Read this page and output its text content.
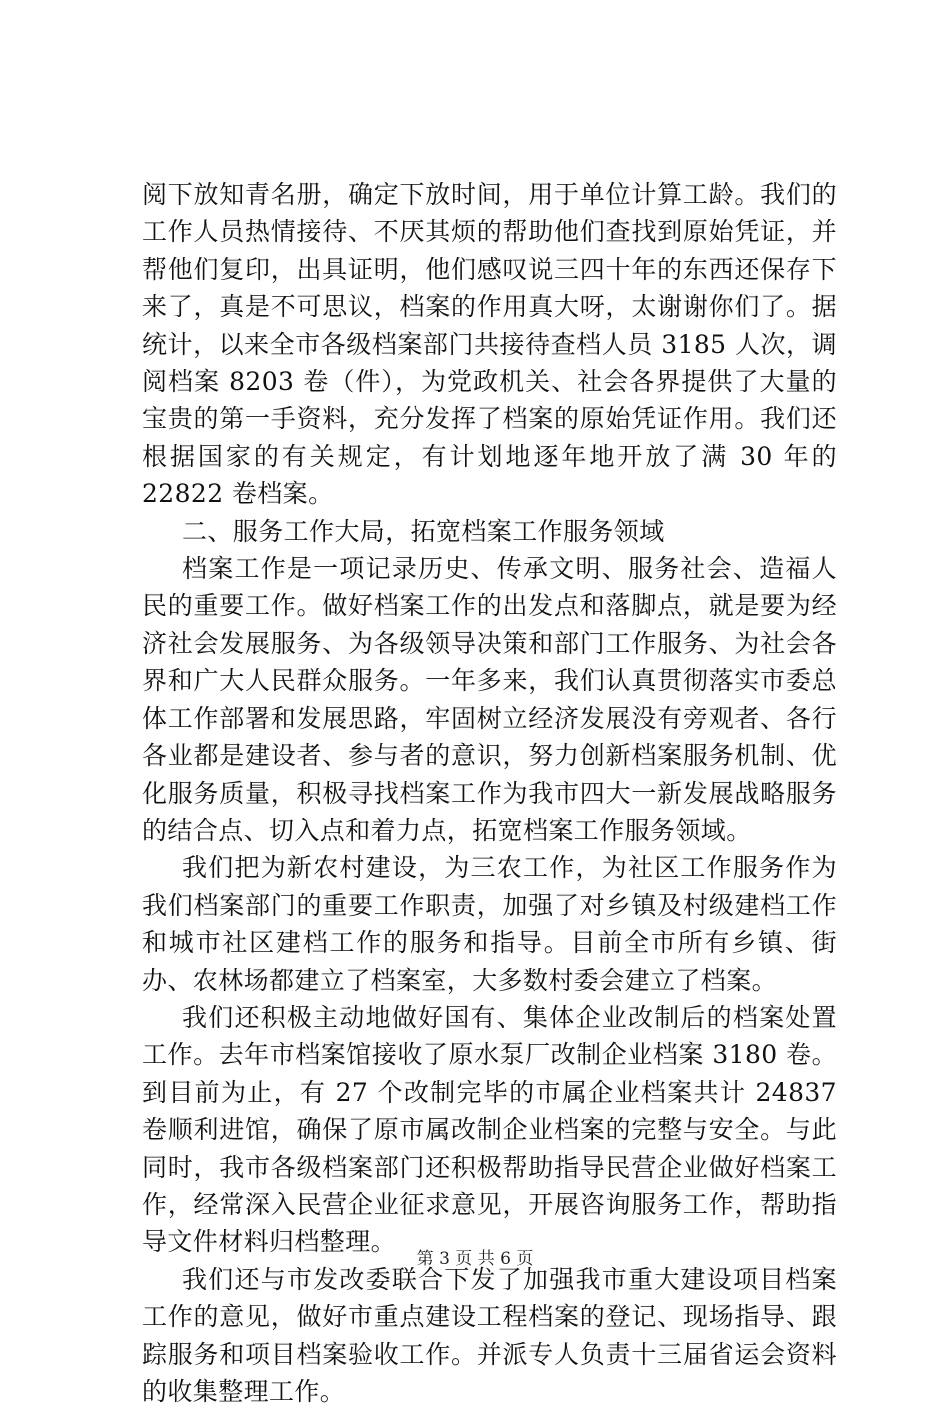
阅下放知青名册，确定下放时间，用于单位计算工龄。我们的工作人员热情接待、不厌其烦的帮助他们查找到原始凭证，并帮他们复印，出具证明，他们感叹说三四十年的东西还保存下来了，真是不可思议，档案的作用真大呀，太谢谢你们了。据统计，以来全市各级档案部门共接待查档人员 3185 人次，调阅档案 8203 卷（件），为党政机关、社会各界提供了大量的宝贵的第一手资料，充分发挥了档案的原始凭证作用。我们还根据国家的有关规定，有计划地逐年地开放了满 30 年的 22822 卷档案。

二、服务工作大局，拓宽档案工作服务领域

档案工作是一项记录历史、传承文明、服务社会、造福人民的重要工作。做好档案工作的出发点和落脚点，就是要为经济社会发展服务、为各级领导决策和部门工作服务、为社会各界和广大人民群众服务。一年多来，我们认真贯彻落实市委总体工作部署和发展思路，牢固树立经济发展没有旁观者、各行各业都是建设者、参与者的意识，努力创新档案服务机制、优化服务质量，积极寻找档案工作为我市四大一新发展战略服务的结合点、切入点和着力点，拓宽档案工作服务领域。

我们把为新农村建设，为三农工作，为社区工作服务作为我们档案部门的重要工作职责，加强了对乡镇及村级建档工作和城市社区建档工作的服务和指导。目前全市所有乡镇、街办、农林场都建立了档案室，大多数村委会建立了档案。

我们还积极主动地做好国有、集体企业改制后的档案处置工作。去年市档案馆接收了原水泵厂改制企业档案 3180 卷。到目前为止，有 27 个改制完毕的市属企业档案共计 24837 卷顺利进馆，确保了原市属改制企业档案的完整与安全。与此同时，我市各级档案部门还积极帮助指导民营企业做好档案工作，经常深入民营企业征求意见，开展咨询服务工作，帮助指导文件材料归档整理。

我们还与市发改委联合下发了加强我市重大建设项目档案工作的意见，做好市重点建设工程档案的登记、现场指导、跟踪服务和项目档案验收工作。并派专人负责十三届省运会资料的收集整理工作。

第 3 页 共 6 页
